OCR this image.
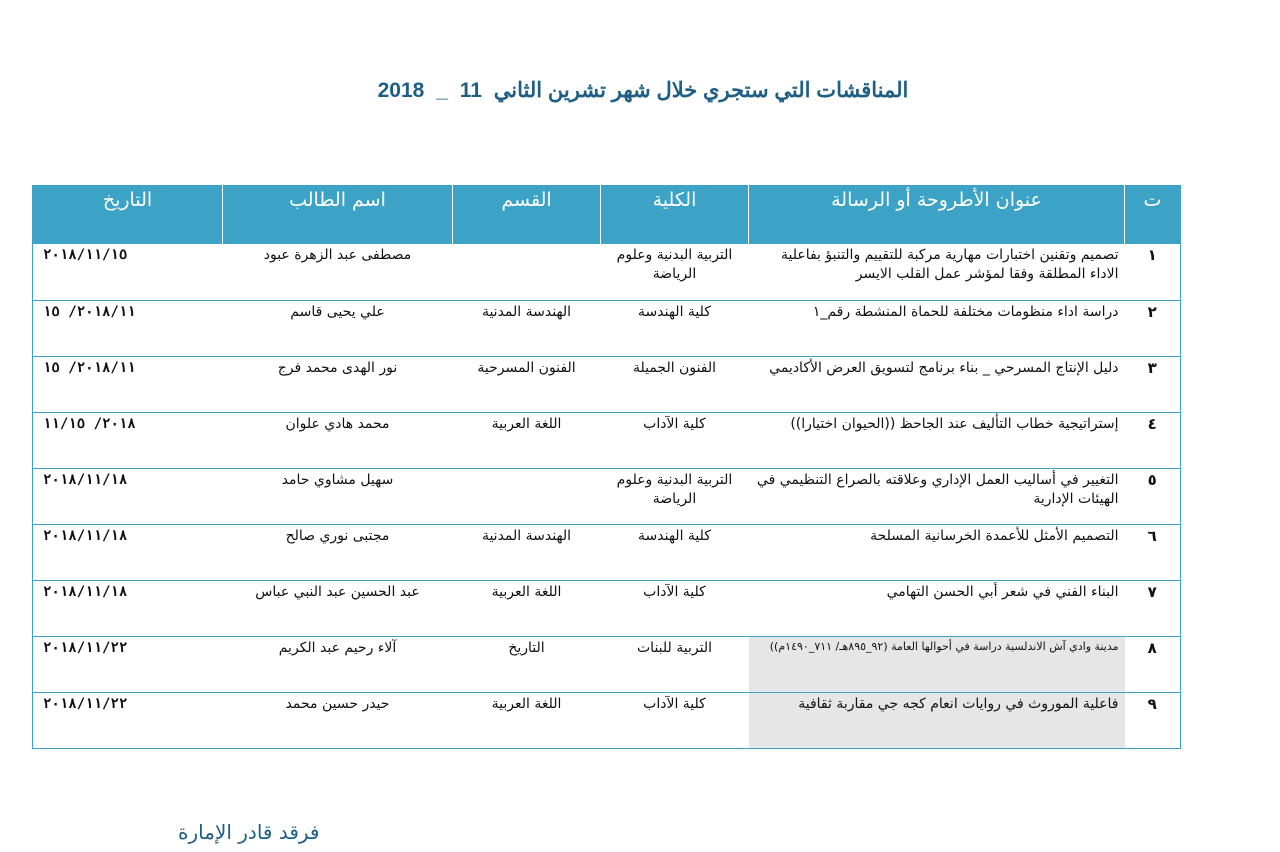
المناقشات التي ستجري خلال شهر تشرين الثاني 11 _ 2018
ت	عنوان الأطروحة أو الرسالة	الكلية	القسم	اسم الطالب	التاريخ
١	تصميم وتقنين اختبارات مهارية مركبة للتقييم والتنبؤ بفاعلية الاداء المطلقة وفقا لمؤشر عمل القلب الايسر	التربية البدنية وعلوم الرياضة		مصطفى عبد الزهرة عبود	٢٠١٨/١١/١٥
٢	دراسة اداء منظومات مختلفة للحماة المنشطة رقم_١	كلية الهندسة	الهندسة المدنية	علي يحيى قاسم	٢٠١٨/١١/ ١٥
٣	دليل الإنتاج المسرحي _ بناء برنامج لتسويق العرض الأكاديمي	الفنون الجميلة	الفنون المسرحية	نور الهدى محمد فرج	٢٠١٨/١١/ ١٥
٤	إستراتيجية خطاب التأليف عند الجاحظ ((الحيوان اختيارا))	كلية الآداب	اللغة العربية	محمد هادي علوان	٢٠١٨/ ١١/١٥
٥	التغيير في أساليب العمل الإداري وعلاقته بالصراع التنظيمي في الهيئات الإدارية	التربية البدنية وعلوم الرياضة		سهيل مشاوي حامد	٢٠١٨/١١/١٨
٦	التصميم الأمثل للأعمدة الخرسانية المسلحة	كلية الهندسة	الهندسة المدنية	مجتبى نوري صالح	٢٠١٨/١١/١٨
٧	البناء الفني في شعر أبي الحسن التهامي	كلية الآداب	اللغة العربية	عبد الحسين عبد النبي عباس	٢٠١٨/١١/١٨
٨	مدينة وادي آش الاندلسية دراسة في أحوالها العامة (٩٢_٨٩٥هـ/ ٧١١_١٤٩٠م))	التربية للبنات	التاريخ	آلاء رحيم عبد الكريم	٢٠١٨/١١/٢٢
٩	فاعلية الموروث في روايات انعام كجه جي مقاربة ثقافية	كلية الآداب	اللغة العربية	حيدر حسين محمد	٢٠١٨/١١/٢٢
فرقد قادر الإمارة
